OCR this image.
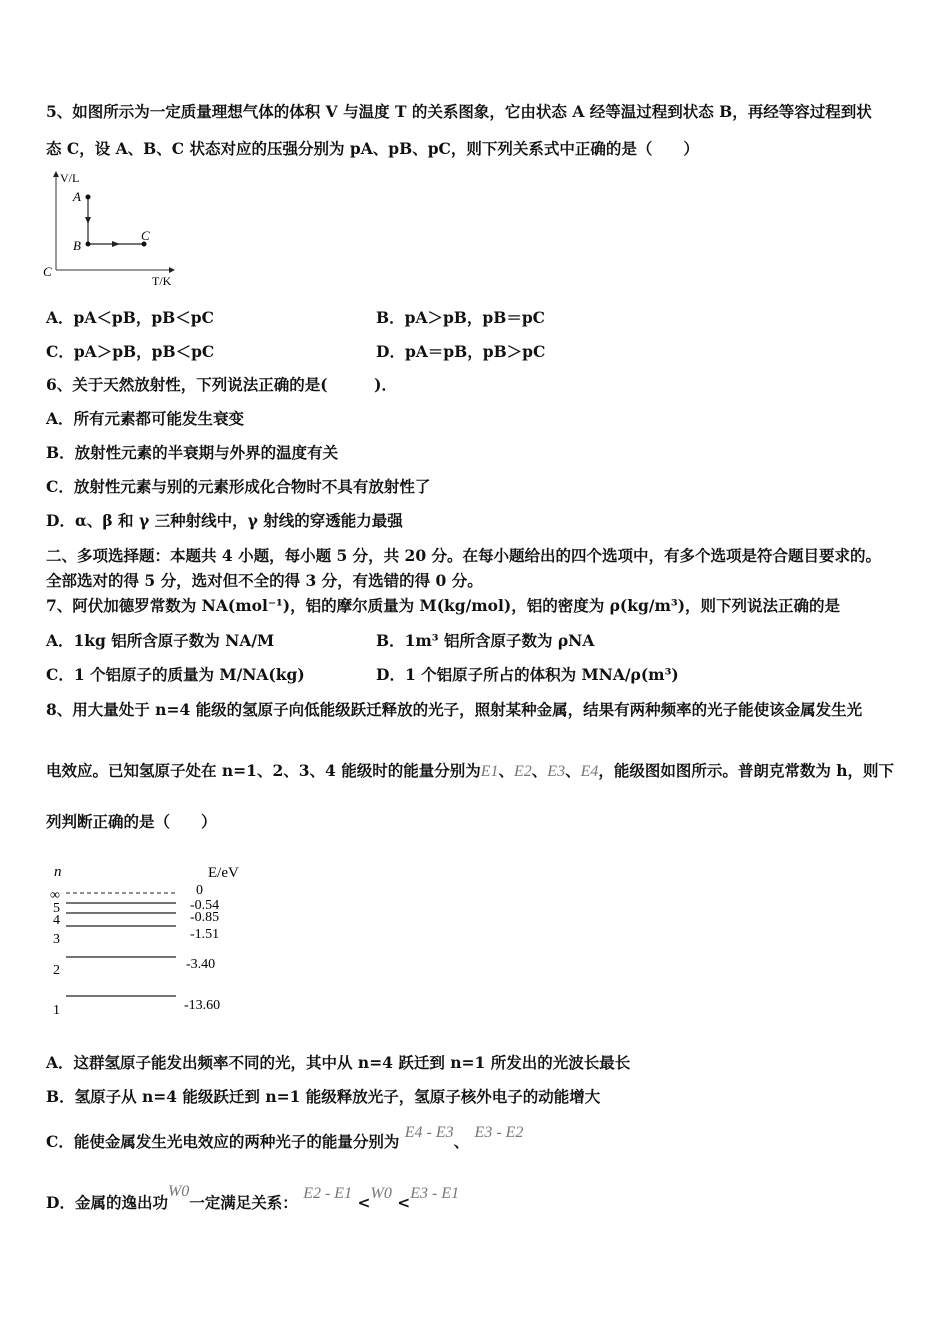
5、如图所示为一定质量理想气体的体积 V 与温度 T 的关系图象，它由状态 A 经等温过程到状态 B，再经等容过程到状
态 C，设 A、B、C 状态对应的压强分别为 pA、pB、pC，则下列关系式中正确的是（　　）
V/L
T/K
C
A
B
C
A．pA＜pB，pB＜pC	B．pA＞pB，pB＝pC
C．pA＞pB，pB＜pC	D．pA＝pB，pB＞pC
6、关于天然放射性，下列说法正确的是(　　　)．
A．所有元素都可能发生衰变
B．放射性元素的半衰期与外界的温度有关
C．放射性元素与别的元素形成化合物时不具有放射性了
D．α、β 和 γ 三种射线中，γ 射线的穿透能力最强
二、多项选择题：本题共 4 小题，每小题 5 分，共 20 分。在每小题给出的四个选项中，有多个选项是符合题目要求的。
全部选对的得 5 分，选对但不全的得 3 分，有选错的得 0 分。
7、阿伏加德罗常数为 NA(mol⁻¹)，铝的摩尔质量为 M(kg/mol)，铝的密度为 ρ(kg/m³)，则下列说法正确的是
A．1kg 铝所含原子数为 NA/M	B．1m³ 铝所含原子数为 ρNA
C．1 个铝原子的质量为 M/NA(kg)	D．1 个铝原子所占的体积为 MNA/ρ(m³)
8、用大量处于 n=4 能级的氢原子向低能级跃迁释放的光子，照射某种金属，结果有两种频率的光子能使该金属发生光
电效应。已知氢原子处在 n=1、2、3、4 能级时的能量分别为E1、E2、E3、E4，能级图如图所示。普朗克常数为 h，则下
列判断正确的是（　　）
n	E/eV
∞	0
5	-0.54
4	-0.85
3	-1.51
2	-3.40
1	-13.60
A．这群氢原子能发出频率不同的光，其中从 n=4 跃迁到 n=1 所发出的光波长最长
B．氢原子从 n=4 能级跃迁到 n=1 能级释放光子，氢原子核外电子的动能增大
C．能使金属发生光电效应的两种光子的能量分别为 E4 - E3、 E3 - E2
D．金属的逸出功W0一定满足关系： E2 - E1 <W0 <E3 - E1
